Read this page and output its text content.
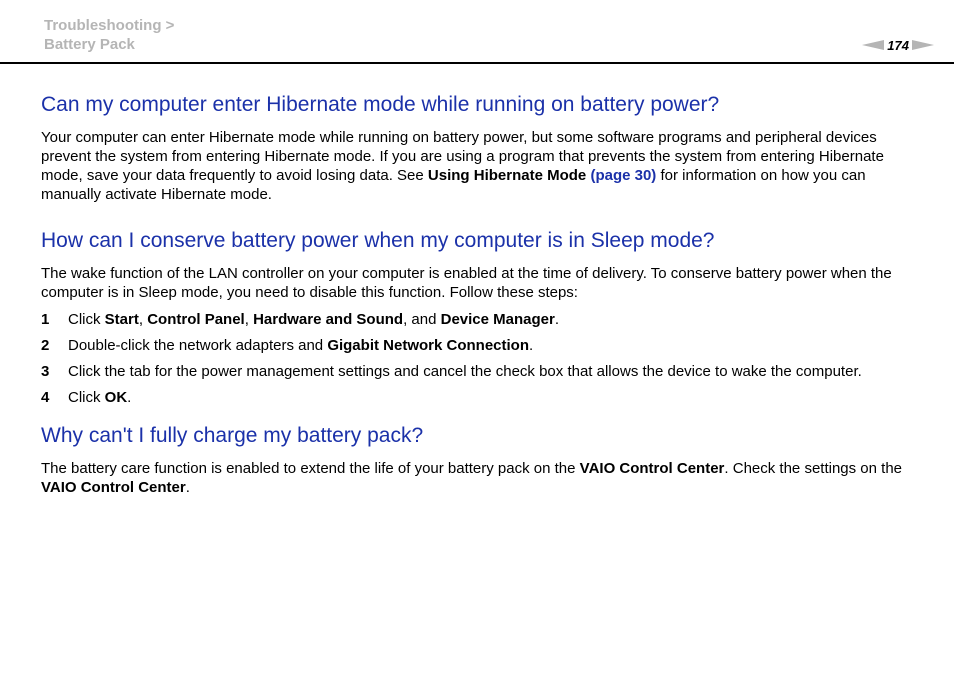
Troubleshooting >
Battery Pack	174
Can my computer enter Hibernate mode while running on battery power?

Your computer can enter Hibernate mode while running on battery power, but some software programs and peripheral devices prevent the system from entering Hibernate mode. If you are using a program that prevents the system from entering Hibernate mode, save your data frequently to avoid losing data. See Using Hibernate Mode (page 30) for information on how you can manually activate Hibernate mode.

How can I conserve battery power when my computer is in Sleep mode?

The wake function of the LAN controller on your computer is enabled at the time of delivery. To conserve battery power when the computer is in Sleep mode, you need to disable this function. Follow these steps:

1	Click Start, Control Panel, Hardware and Sound, and Device Manager.
2	Double-click the network adapters and Gigabit Network Connection.
3	Click the tab for the power management settings and cancel the check box that allows the device to wake the computer.
4	Click OK.
Why can't I fully charge my battery pack?

The battery care function is enabled to extend the life of your battery pack on the VAIO Control Center. Check the settings on the VAIO Control Center.
